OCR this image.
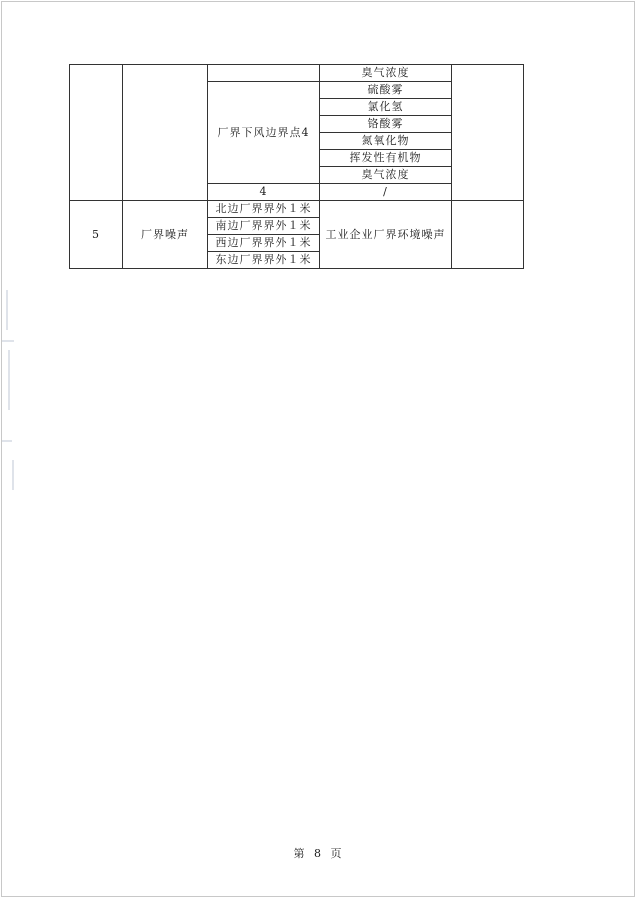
			臭气浓度		
		厂界下风边界点4	硫酸雾		
			氯化氢		
			铬酸雾		
			氮氧化物		
			挥发性有机物		
			臭气浓度		
		4	/			
5	厂界噪声	北边厂界界外１米	工业企业厂界环境噪声		
		南边厂界界外１米			
		西边厂界界外１米			
		东边厂界界外１米			
第 8 页
